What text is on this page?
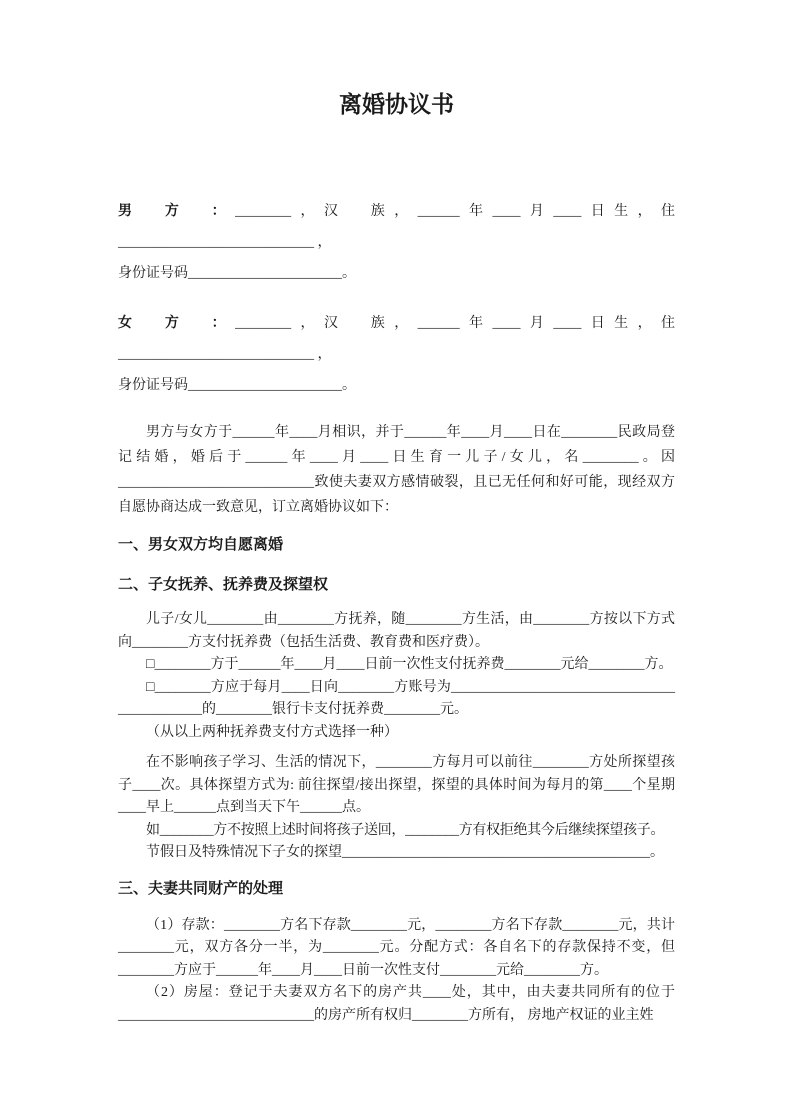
离婚协议书

男　方　：________，汉　族，______年____月____日生，住____________________________ ，

身份证号码______________________。

女　方　：________，汉　族，______年____月____日生，住____________________________ ，

身份证号码______________________。

男方与女方于______年____月相识，并于______年____月____日在________民政局登记结婚，婚后于______年____月____日生育一儿子/女儿，名________。因____________________________致使夫妻双方感情破裂，且已无任何和好可能，现经双方自愿协商达成一致意见，订立离婚协议如下：

一、男女双方均自愿离婚
二、子女抚养、抚养费及探望权

儿子/女儿________由________方抚养，随________方生活，由________方按以下方式向________方支付抚养费（包括生活费、教育费和医疗费）。

□________方于______年____月____日前一次性支付抚养费________元给________方。

□________方应于每月____日向________方账号为____​____​____​____​____​____​____​____​____​____​____的________银行卡支付抚养费________元。

（从以上两种抚养费支付方式选择一种）

在不影响孩子学习、生活的情况下，________方每月可以前往________方处所探望孩子____次。具体探望方式为: 前往探望/接出探望，探望的具体时间为每月的第____个星期____早上______点到当天下午______点。

如________方不按照上述时间将孩子送回，________方有权拒绝其今后继续探望孩子。

节假日及特殊情况下子女的探望____________________________________________。

三、夫妻共同财产的处理

（1）存款：________方名下存款________元，________方名下存款________元，共计________元，双方各分一半，为________元。分配方式：各自名下的存款保持不变，但________方应于______年____月____日前一次性支付________元给________方。

（2）房屋：登记于夫妻双方名下的房产共____处，其中，由夫妻共同所有的位于____________________________的房产所有权归________方所有， 房地产权证的业主姓
